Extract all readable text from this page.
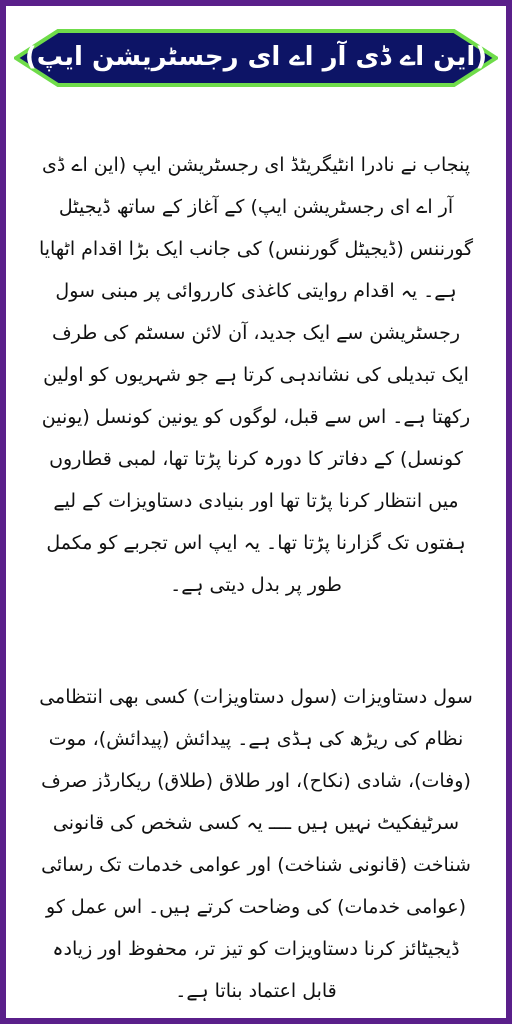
(این اے ڈی آر اے ای رجسٹریشن ایپ)

پنجاب نے نادرا انٹیگریٹڈ ای رجسٹریشن ایپ (این اے ڈی آر اے ای رجسٹریشن ایپ) کے آغاز کے ساتھ ڈیجیٹل گورننس (ڈیجیٹل گورننس) کی جانب ایک بڑا اقدام اٹھایا ہے۔ یہ اقدام روایتی کاغذی کارروائی پر مبنی سول رجسٹریشن سے ایک جدید، آن لائن سسٹم کی طرف ایک تبدیلی کی نشاندہی کرتا ہے جو شہریوں کو اولین رکھتا ہے۔ اس سے قبل، لوگوں کو یونین کونسل (یونین کونسل) کے دفاتر کا دورہ کرنا پڑتا تھا، لمبی قطاروں میں انتظار کرنا پڑتا تھا اور بنیادی دستاویزات کے لیے ہفتوں تک گزارنا پڑتا تھا۔ یہ ایپ اس تجربے کو مکمل طور پر بدل دیتی ہے۔

سول دستاویزات (سول دستاویزات) کسی بھی انتظامی نظام کی ریڑھ کی ہڈی ہے۔ پیدائش (پیدائش)، موت (وفات)، شادی (نکاح)، اور طلاق (طلاق) ریکارڈز صرف سرٹیفکیٹ نہیں ہیں ــــ یہ کسی شخص کی قانونی شناخت (قانونی شناخت) اور عوامی خدمات تک رسائی (عوامی خدمات) کی وضاحت کرتے ہیں۔ اس عمل کو ڈیجیٹائز کرنا دستاویزات کو تیز تر، محفوظ اور زیادہ قابل اعتماد بناتا ہے۔
